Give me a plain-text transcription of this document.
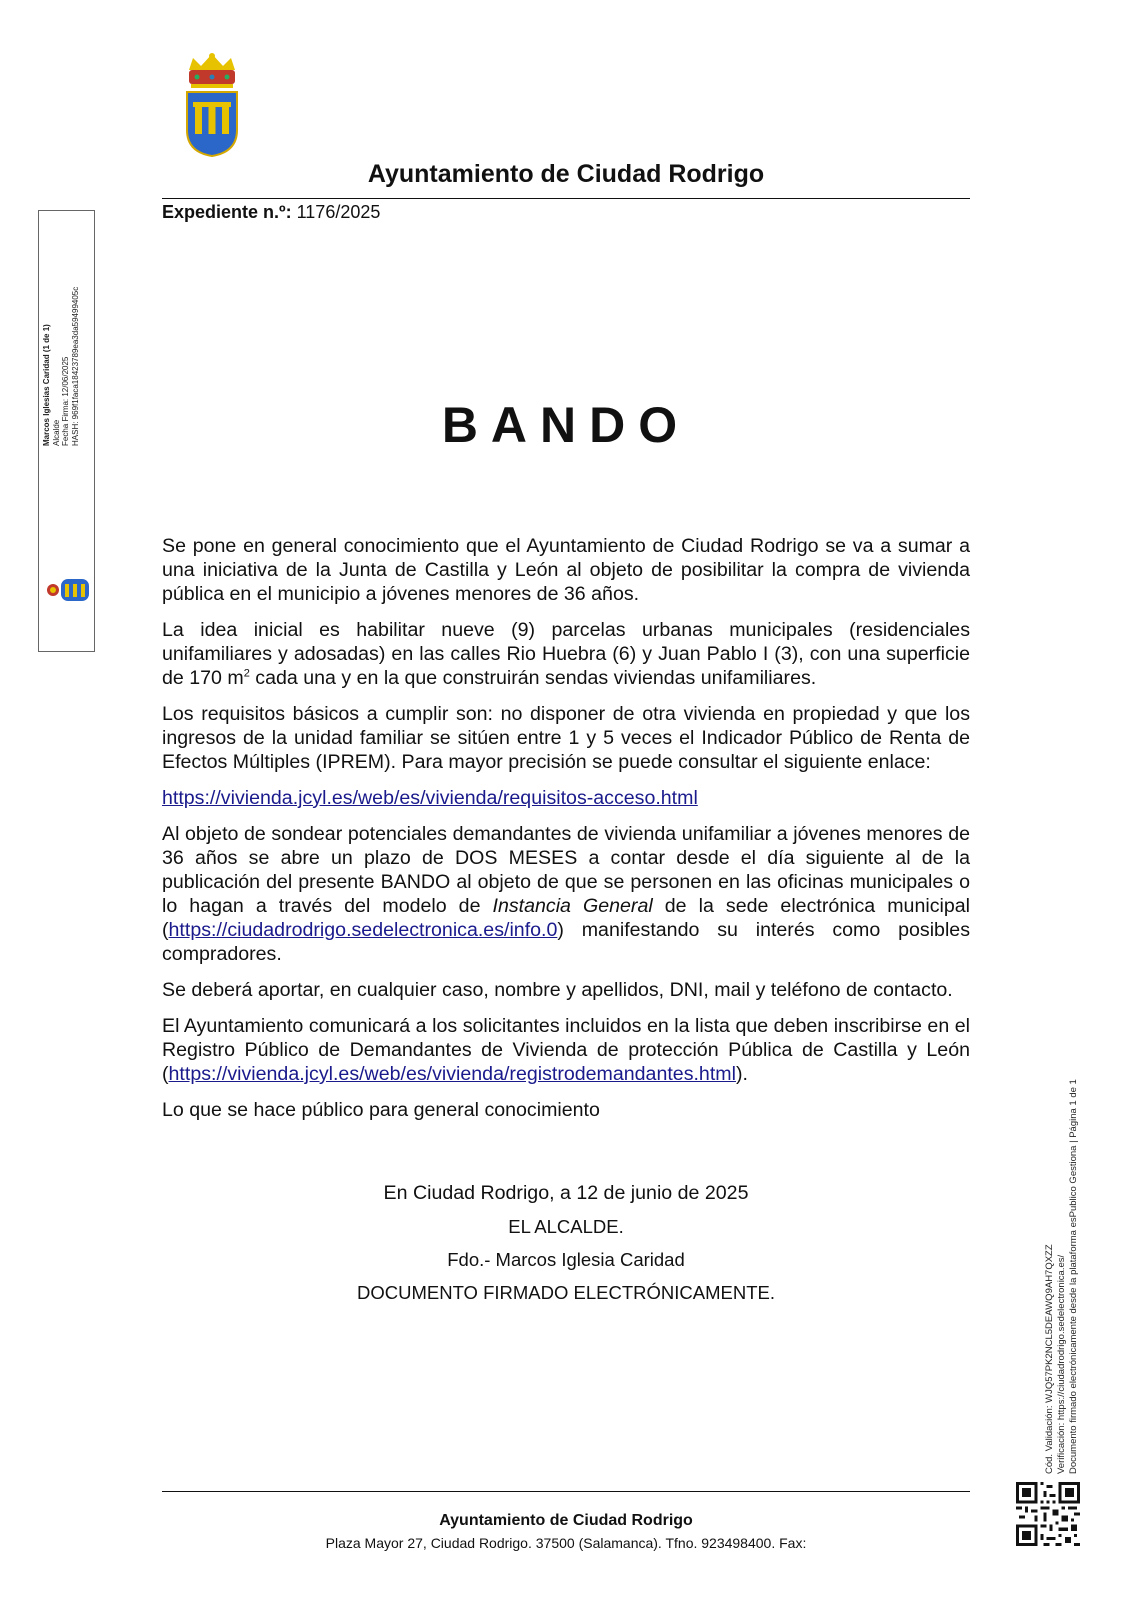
Ayuntamiento de Ciudad Rodrigo
Expediente n.º: 1176/2025
Marcos Iglesias Caridad (1 de 1) Alcalde Fecha Firma: 12/06/2025 HASH: 969f1faca18423789ea3da59499405c	BANDO

Se pone en general conocimiento que el Ayuntamiento de Ciudad Rodrigo se va a sumar a una iniciativa de la Junta de Castilla y León al objeto de posibilitar la compra de vivienda pública en el municipio a jóvenes menores de 36 años.

La idea inicial es habilitar nueve (9) parcelas urbanas municipales (residenciales unifamiliares y adosadas) en las calles Rio Huebra (6) y Juan Pablo I (3), con una superficie de 170 $m^2$ cada una y en la que construirán sendas viviendas unifamiliares.

Los requisitos básicos a cumplir son: no disponer de otra vivienda en propiedad y que los ingresos de la unidad familiar se sitúen entre 1 y 5 veces el Indicador Público de Renta de Efectos Múltiples (IPREM). Para mayor precisión se puede consultar el siguiente enlace:

https://vivienda.jcyl.es/web/es/vivienda/requisitos-acceso.html

Al objeto de sondear potenciales demandantes de vivienda unifamiliar a jóvenes menores de 36 años se abre un plazo de DOS MESES a contar desde el día siguiente al de la publicación del presente BANDO al objeto de que se personen en las oficinas municipales o lo hagan a través del modelo de Instancia General de la sede electrónica municipal (https://ciudadrodrigo.sedelectronica.es/info.0) manifestando su interés como posibles compradores.

Se deberá aportar, en cualquier caso, nombre y apellidos, DNI, mail y teléfono de contacto.

El Ayuntamiento comunicará a los solicitantes incluidos en la lista que deben inscribirse en el Registro Público de Demandantes de Vivienda de protección Pública de Castilla y León (https://vivienda.jcyl.es/web/es/vivienda/registrodemandantes.html).

Lo que se hace público para general conocimiento

En Ciudad Rodrigo, a 12 de junio de 2025
EL ALCALDE.
Fdo.- Marcos Iglesia Caridad
DOCUMENTO FIRMADO ELECTRÓNICAMENTE.
Ayuntamiento de Ciudad Rodrigo
Plaza Mayor 27, Ciudad Rodrigo. 37500 (Salamanca). Tfno. 923498400. Fax:
Cód. Validación: WJQ57PK2NCL5DEAWQ9AH7QXZZ Verificación: https://ciudadrodrigo.sedelectronica.es/ Documento firmado electrónicamente desde la plataforma esPublico Gestiona | Página 1 de 1
